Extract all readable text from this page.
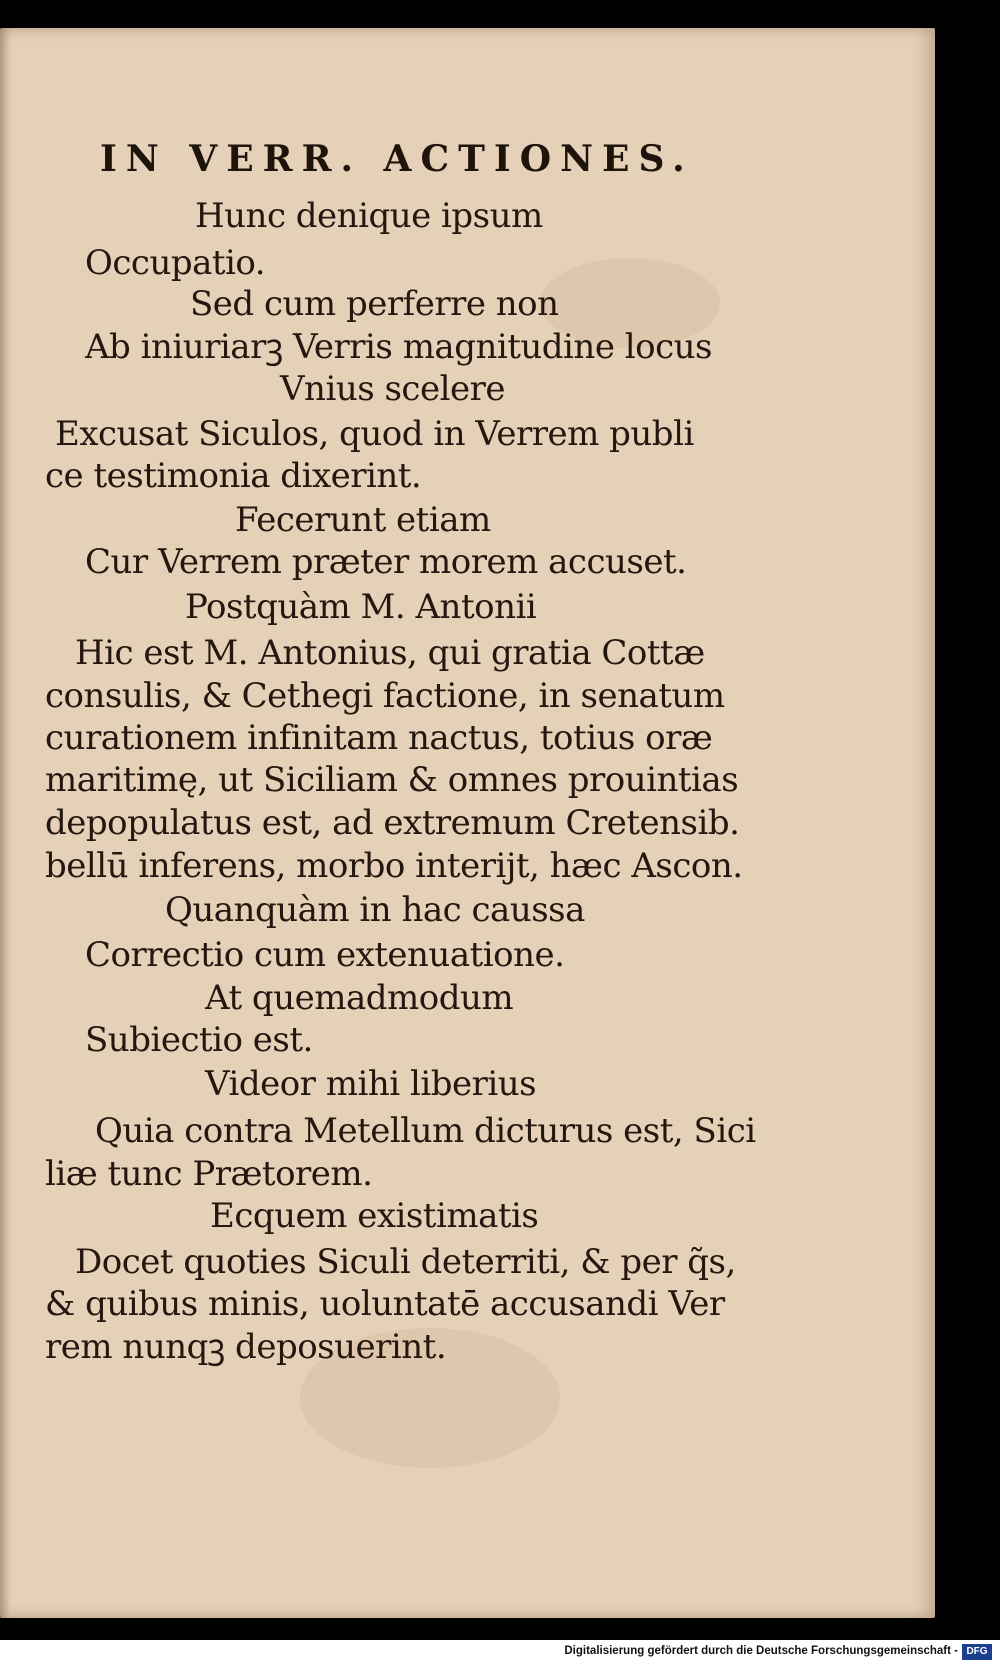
IN VERR. ACTIONES.
Hunc denique ipsum
Occupatio.
Sed cum perferre non
Ab iniuriarꝫ Verris magnitudine locus
Vnius scelere
Excusat Siculos, quod in Verrem publi
ce testimonia dixerint.
Fecerunt etiam
Cur Verrem præter morem accuset.
Postquàm M. Antonii
Hic est M. Antonius, qui gratia Cottæ
consulis, & Cethegi factione, in senatum
curationem infinitam nactus, totius oræ
maritimę, ut Siciliam & omnes prouintias
depopulatus est, ad extremum Cretensib.
bellū inferens, morbo interijt, hæc Ascon.
Quanquàm in hac caussa
Correctio cum extenuatione.
At quemadmodum
Subiectio est.
Videor mihi liberius
Quia contra Metellum dicturus est, Sici
liæ tunc Prætorem.
Ecquem existimatis
Docet quoties Siculi deterriti, & per q̃s,
& quibus minis, uoluntatē accusandi Ver
rem nunqꝫ deposuerint.
Digitalisierung gefördert durch die Deutsche Forschungsgemeinschaft - DFG
